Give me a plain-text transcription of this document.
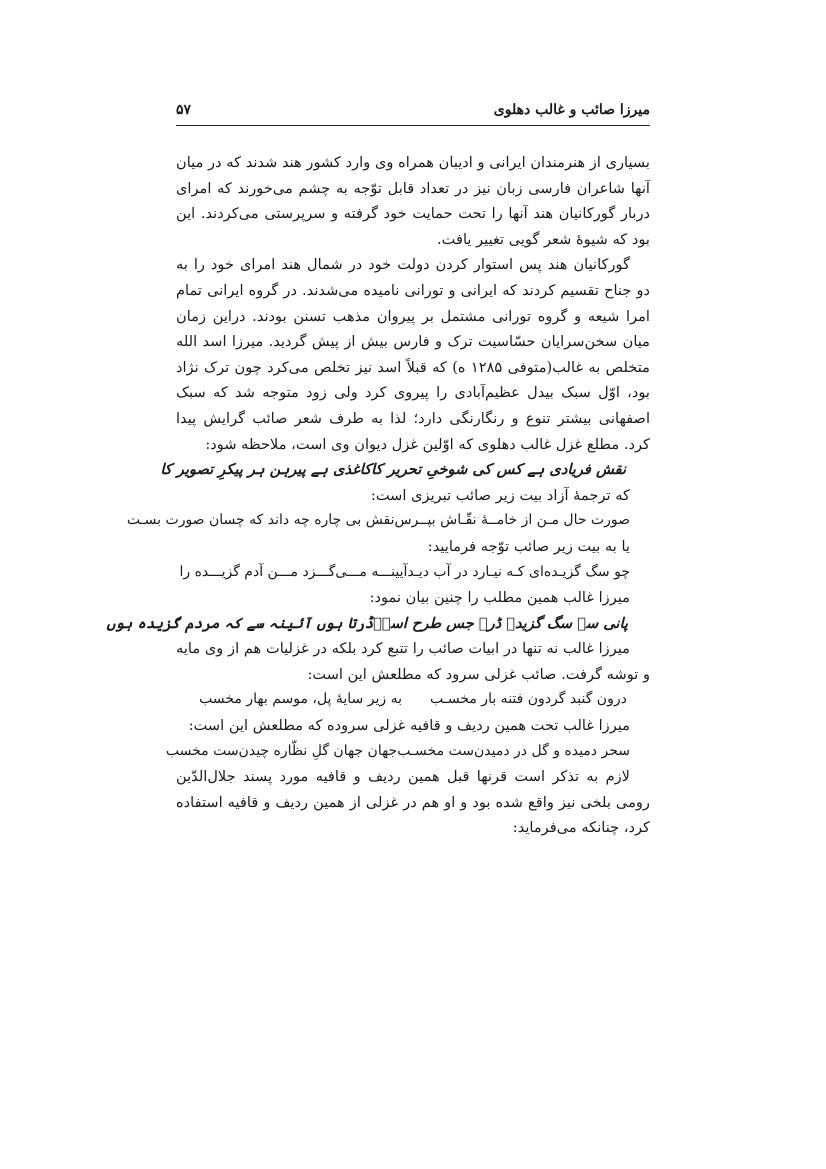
میرزا صائب و غالب دهلوی
۵۷

بسیاری از هنرمندان ایرانی و ادیبان همراه وی وارد کشور هند شدند که در میان آنها شاعران فارسی زبان نیز در تعداد قابل توّجه به چشم می‌خورند که امرای دربار گورکانیان هند آنها را تحت حمایت خود گرفته و سرپرستی می‌کردند. این بود که شیوهٔ شعر گویی تغییر یافت.

گورکانیان هند پس استوار کردن دولت خود در شمال هند امرای خود را به دو جناح تقسیم کردند که ایرانی و تورانی نامیده می‌شدند. در گروه ایرانی تمام امرا شیعه و گروه تورانی مشتمل بر پیروان مذهب تسنن بودند. دراین زمان میان سخن‌سرایان حسّاسیت ترک و فارس بیش از پیش گردید. میرزا اسد الله متخلص به غالب(متوفی ۱۲۸۵ ه) که قبلاً اسد نیز تخلص می‌کرد چون ترک نژاد بود، اوّل سبک بیدل عظیم‌آبادی را پیروی کرد ولی زود متوجه شد که سبک اصفهانی بیشتر تنوع و رنگارنگی دارد؛ لذا به طرف شعر صائب گرایش پیدا کرد. مطلع غزل غالب دهلوی که اوّلین غزل دیوان وی است، ملاحظه شود:

نقش فریادی ہے کس کی شوخیِ تحریر کا
کاغذی ہے پیرہن ہر پیکرِ تصویر کا

که ترجمهٔ آزاد بیت زیر صائب تبریزی است:

صورت حال مـن از خامــهٔ نقّـاش بپــرس
نقش بی چاره چه داند که چسان صورت بسـت

یا به بیت زیر صائب توّجه فرمایید:

چو سگ گزیـده‌ای کـه نیـارد در آب دیـد
آیینـــه مـــی‌گـــزد مـــن آدم گزیـــده را

میرزا غالب همین مطلب را چنین بیان نمود:

پانی سے سگ گزیدہ ڈرے جس طرح اسدؔ
ڈرتا ہوں آئینہ سے کہ مردم گزیدہ ہوں

میرزا غالب نه تنها در ابیات صائب را تتبع کرد بلکه در غزلیات هم از وی مایه و توشه گرفت. صائب غزلی سرود که مطلعش این است:

درون گنبد گردون فتنه بار مخسـب
به زیر سایهٔ پل، موسم بهار مخسب

میرزا غالب تحت همین ردیف و قافیه غزلی سروده که مطلعش این است:

سحر دمیده و گل در دمیدن‌ست مخسـب
جهان جهان گلِ نظّاره چیدن‌ست مخسب

لازم به تذکر است قرنها قبل همین ردیف و قافیه مورد پسند جلال‌الدّین رومی بلخی نیز واقع شده بود و او هم در غزلی از همین ردیف و قافیه استفاده کرد، چنانکه می‌فرماید:
